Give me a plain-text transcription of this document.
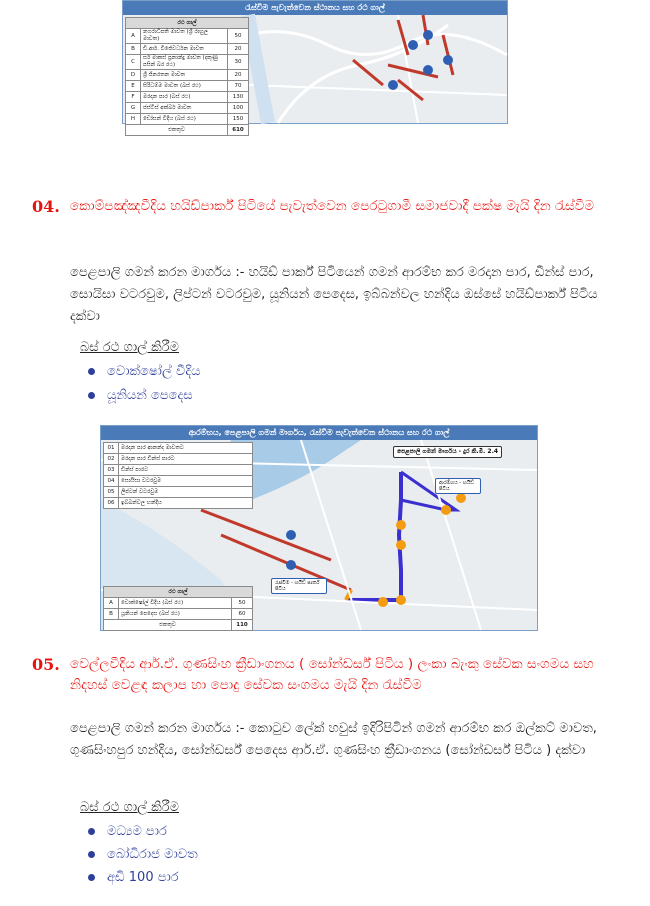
රැස්වීම පැවැත්වෙන ස්ථානය සහ රථ ගාල්
රථ ගාල්		
A	නගරාධිපති මාවත (ශ්‍රී රාහුල මාවත)	50
B	ඩී.ආර්. විජේවර්ධන මාවත	20
C	සර් මාකස් ප්‍රනාන්දු මාවත (දකුණු පසින් බර රථ)	30
D	ශ්‍රී ජිනරතන මාවත	20
E	සිරිධම්ම මාවත (බස් රථ)	70
F	මරදාන පාර (බස් රථ)	130
G	ජස්ටිස් අක්බර් මාවත	100
H	ඩෝසන් වීදිය (බස් රථ)	150
එකතුව		610
04. කොම්පඤ්ඤවීදිය හයිඩ්පාර්ක් පිටියේ පැවැත්වෙන පෙරටුගාමී සමාජවාදී පක්ෂ මැයි දින රැස්වීම
පෙළපාලි ගමන් කරන මාර්ගය :- හයිඩ් පාර්ක් පිටියෙන් ගමන් ආරම්භ කර මරදාන පාර, ඩීන්ස් පාර, සොයිසා වටරවුම, ලිප්ටන් වටරවුම, යූනියන් පෙදෙස, ඉබ්බන්වල හන්දිය ඔස්සේ හයිඩ්පාර්ක් පිටිය දක්වා
බස් රථ ගාල් කිරීම
වොක්ෂෝල් වීදිය
යූනියන් පෙදෙස
ආරම්භය, පෙළපාලි ගමන් මාර්ගය, රැස්වීම පැවැත්වෙන ස්ථානය සහ රථ ගාල්
01	මරදාන පාර ආනන්ද මාවතට
02	මරදාන පාර ඩීන්ස් පාරට
03	ඩීන්ස් පාරට
04	සොයිසා වටරවුම
05	ලිප්ටන් වටරවුම
06	ඉබ්බන්වල හන්දිය
පෙළපාලි ගමන් මාර්ගය - දුර කි.මී. 2.4
ආරම්භය - හයිඩ් පිටිය
රැස්වීම - හයිඩ් පාර්ක් පිටිය
රථ ගාල්		
A	වොක්ෂෝල් වීදිය (බස් රථ)	50
B	යූනියන් පෙදෙස (බස් රථ)	60
එකතුව		110
05. වෙල්ලවීදිය ආර්.ඒ. ගුණසිංහ ක්‍රීඩාංගනය ( සෝන්ඩර්ස් පිටිය ) ලංකා බැංකු සේවක සංගමය සහ නිදහස් වෙළඳ කලාප හා පොදු සේවක සංගමය මැයි දින රැස්වීම
පෙළපාලි ගමන් කරන මාර්ගය :- කොටුව ලේක් හවුස් ඉදිරිපිටින් ගමන් ආරම්භ කර ඔල්කට් මාවත, ගුණසිංහපුර හන්දිය, සෝන්ඩර්ස් පෙදෙස ආර්.ඒ. ගුණසිංහ ක්‍රීඩාංගනය (සෝන්ඩර්ස් පිටිය ) දක්වා
බස් රථ ගාල් කිරීම
මධ්‍යම පාර
බෝධිරාජ මාවත
අඩි 100 පාර
